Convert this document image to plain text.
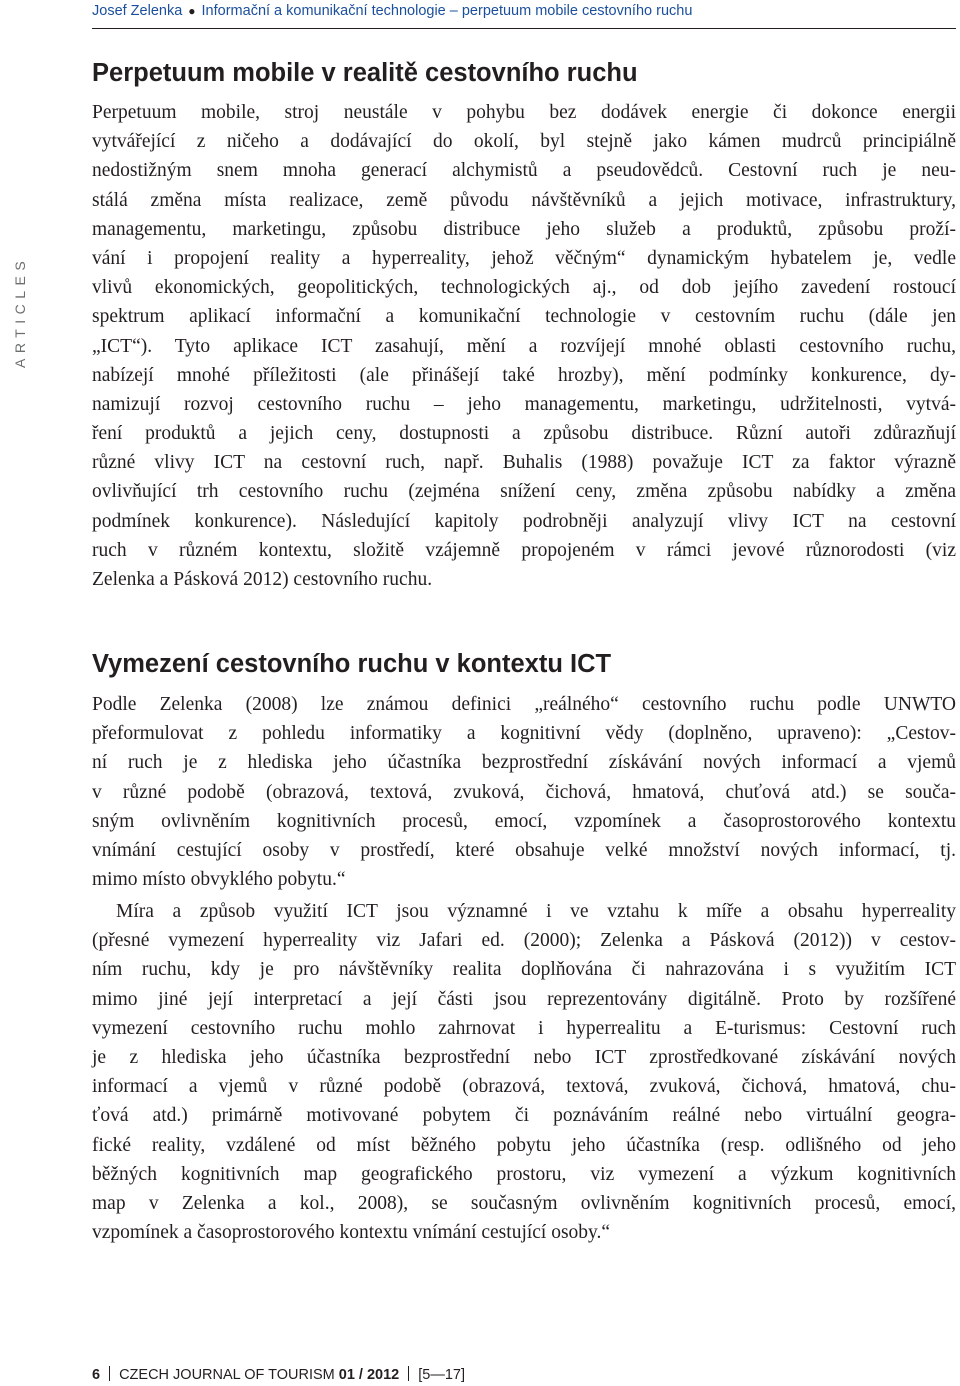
Josef Zelenka ● Informační a komunikační technologie – perpetuum mobile cestovního ruchu
ARTICLES
Perpetuum mobile v realitě cestovního ruchu
Perpetuum mobile, stroj neustále v pohybu bez dodávek energie či dokonce energii
vytvářející z ničeho a dodávající do okolí, byl stejně jako kámen mudrců principiálně
nedostižným snem mnoha generací alchymistů a pseudovědců. Cestovní ruch je neu-
stálá změna místa realizace, země původu návštěvníků a jejich motivace, infrastruktury,
managementu, marketingu, způsobu distribuce jeho služeb a produktů, způsobu proží-
vání i propojení reality a hyperreality, jehož věčným“ dynamickým hybatelem je, vedle
vlivů ekonomických, geopolitických, technologických aj., od dob jejího zavedení rostoucí
spektrum aplikací informační a komunikační technologie v cestovním ruchu (dále jen
„ICT“). Tyto aplikace ICT zasahují, mění a rozvíjejí mnohé oblasti cestovního ruchu,
nabízejí mnohé příležitosti (ale přinášejí také hrozby), mění podmínky konkurence, dy-
namizují rozvoj cestovního ruchu – jeho managementu, marketingu, udržitelnosti, vytvá-
ření produktů a jejich ceny, dostupnosti a způsobu distribuce. Různí autoři zdůrazňují
různé vlivy ICT na cestovní ruch, např. Buhalis (1988) považuje ICT za faktor výrazně
ovlivňující trh cestovního ruchu (zejména snížení ceny, změna způsobu nabídky a změna
podmínek konkurence). Následující kapitoly podrobněji analyzují vlivy ICT na cestovní
ruch v různém kontextu, složitě vzájemně propojeném v rámci jevové různorodosti (viz
Zelenka a Pásková 2012) cestovního ruchu.
Vymezení cestovního ruchu v kontextu ICT
Podle Zelenka (2008) lze známou definici „reálného“ cestovního ruchu podle UNWTO
přeformulovat z pohledu informatiky a kognitivní vědy (doplněno, upraveno): „Cestov-
ní ruch je z hlediska jeho účastníka bezprostřední získávání nových informací a vjemů
v různé podobě (obrazová, textová, zvuková, čichová, hmatová, chuťová atd.) se souča-
sným ovlivněním kognitivních procesů, emocí, vzpomínek a časoprostorového kontextu
vnímání cestující osoby v prostředí, které obsahuje velké množství nových informací, tj.
mimo místo obvyklého pobytu.“
Míra a způsob využití ICT jsou významné i ve vztahu k míře a obsahu hyperreality
(přesné vymezení hyperreality viz Jafari ed. (2000); Zelenka a Pásková (2012)) v cestov-
ním ruchu, kdy je pro návštěvníky realita doplňována či nahrazována i s využitím ICT
mimo jiné její interpretací a její části jsou reprezentovány digitálně. Proto by rozšířené
vymezení cestovního ruchu mohlo zahrnovat i hyperrealitu a E-turismus: Cestovní ruch
je z hlediska jeho účastníka bezprostřední nebo ICT zprostředkované získávání nových
informací a vjemů v různé podobě (obrazová, textová, zvuková, čichová, hmatová, chu-
ťová atd.) primárně motivované pobytem či poznáváním reálné nebo virtuální geogra-
fické reality, vzdálené od míst běžného pobytu jeho účastníka (resp. odlišného od jeho
běžných kognitivních map geografického prostoru, viz vymezení a výzkum kognitivních
map v Zelenka a kol., 2008), se současným ovlivněním kognitivních procesů, emocí,
vzpomínek a časoprostorového kontextu vnímání cestující osoby.“
6 CZECH JOURNAL OF TOURISM 01 / 2012 [5—17]
